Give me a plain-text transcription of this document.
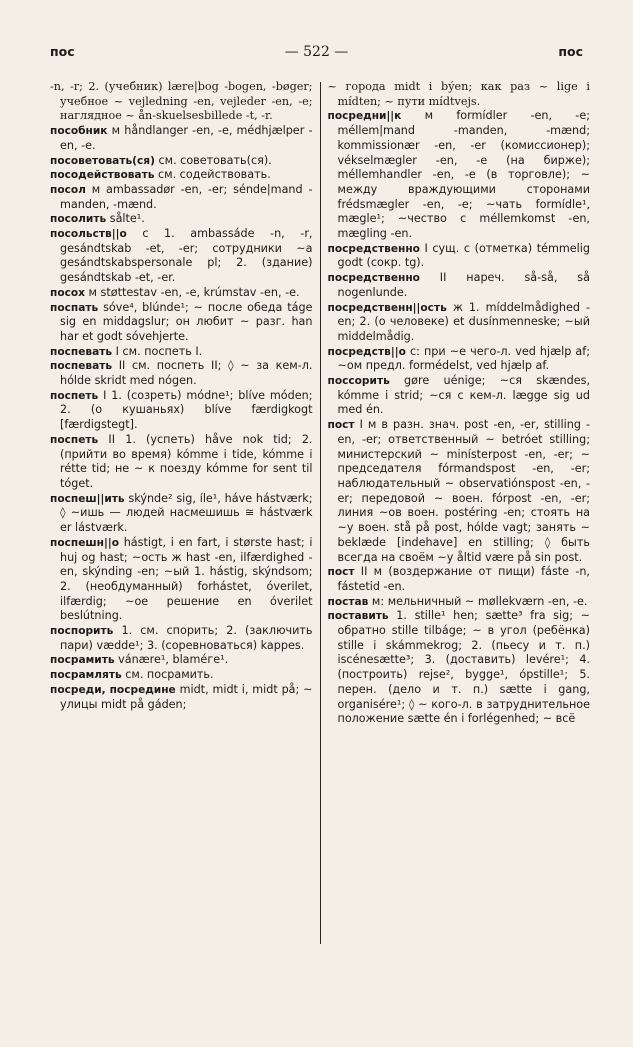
пос	— 522 —	пос

-n, -r; 2. (учебник) lære|bog -bogen, -bøger; учебное ~ vejledning -en, vejleder -en, -e; наглядное ~ ån-skuelsesbillede -t, -r.

пособник м håndlanger -en, -e, médhjælper -en, -e.

посоветовать(ся) см. советовать(ся).

посодействовать см. содействовать.

посол м ambassadør -en, -er; sénde|mand -manden, -mænd.

посолить sålte¹.

посольств||о с 1. ambassáde -n, -r, gesándtskab -et, -er; сотрудники ~а gesándtskabspersonale pl; 2. (здание) gesándtskab -et, -er.

посох м støttestav -en, -e, krúmstav -en, -e.

поспать sóve⁴, blúnde¹; ~ после обеда táge sig en middagslur; он любит ~ разг. han har et godt sóvehjerte.

поспевать I см. поспеть I.

поспевать II см. поспеть II; ◊ ~ за кем-л. hólde skridt med nógen.

поспеть I 1. (созреть) módne¹; blíve móden; 2. (о кушаньях) blíve færdigkogt [færdigstegt].

поспеть II 1. (успеть) håve nok tid; 2. (прийти во время) kómme i tide, kómme i rétte tid; не ~ к поезду kómme for sent til tóget.

поспеш||ить skýnde² sig, íle¹, háve hástværk; ◊ ~ишь — людей насмешишь ≅ hástværk er lástværk.

поспешн||о hástigt, i en fart, i største hast; i huj og hast; ~ость ж hast -en, ilfærdighed -en, skýnding -en; ~ый 1. hástig, skýndsom; 2. (необдуманный) forhástet, óverilet, ilfærdig; ~ое решение en óverilet beslútning.

поспорить 1. см. спорить; 2. (заключить пари) vædde¹; 3. (соревноваться) kappes.

посрамить vánære¹, blaméгe¹.

посрамлять см. посрамить.

посреди, посредине midt, midt i, midt på; ~ улицы midt på gáden;

~ города midt i býen; как раз ~ lige i mídten; ~ пути mídtvejs.

посредни||к м formídler -en, -e; méllem|mand -manden, -mænd; kommissionær -en, -er (комиссионер); vékselmægler -en, -e (на бирже); méllemhandler -en, -e (в торговле); ~ между враждующими сторонами frédsmægler -en, -e; ~чать formídle¹, mægle¹; ~чество с méllemkomst -en, mægling -en.

посредственно I сущ. с (отметка) témmelig godt (сокр. tg).

посредственно II нареч. så-så, så nogenlunde.

посредственн||ость ж 1. míddelmådighed -en; 2. (о человеке) et dusínmenneske; ~ый middelmådig.

посредств||о с: при ~е чего-л. ved hjælp af; ~ом предл. formédelst, ved hjælp af.

поссорить gøre uénige; ~ся skændes, kómme i strid; ~ся с кем-л. lægge sig ud med én.

пост I м в разн. знач. post -en, -er, stilling -en, -er; ответственный ~ betróet stilling; министерский ~ minísterpost -en, -er; ~ председателя fórmandspost -en, -er; наблюдательный ~ observatiónspost -en, -er; передовой ~ воен. fórpost -en, -er; линия ~ов воен. postéring -en; стоять на ~у воен. stå på post, hólde vagt; занять ~ beklæde [indehave] en stilling; ◊ быть всегда на своём ~у åltid være på sin post.

пост II м (воздержание от пищи) fáste -n, fástetid -en.

постав м: мельничный ~ møllekværn -en, -e.

поставить 1. stille¹ hen; sætte³ fra sig; ~ обратно stille tilbáge; ~ в угол (ребёнка) stille i skámmekrog; 2. (пьесу и т. п.) iscénesætte³; 3. (доставить) levére¹; 4. (построить) rejse², bygge¹, ópstille¹; 5. перен. (дело и т. п.) sætte i gang, organisére¹; ◊ ~ кого-л. в затруднительное положение sætte én i forlégenhed; ~ всё
